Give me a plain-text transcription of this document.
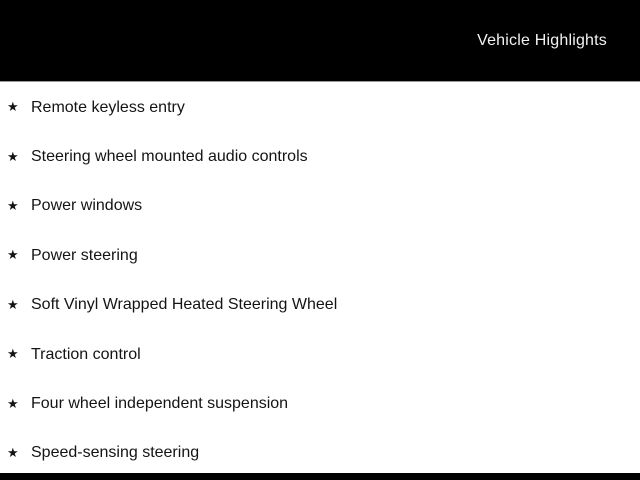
Vehicle Highlights
★ Remote keyless entry
★ Steering wheel mounted audio controls
★ Power windows
★ Power steering
★ Soft Vinyl Wrapped Heated Steering Wheel
★ Traction control
★ Four wheel independent suspension
★ Speed-sensing steering
